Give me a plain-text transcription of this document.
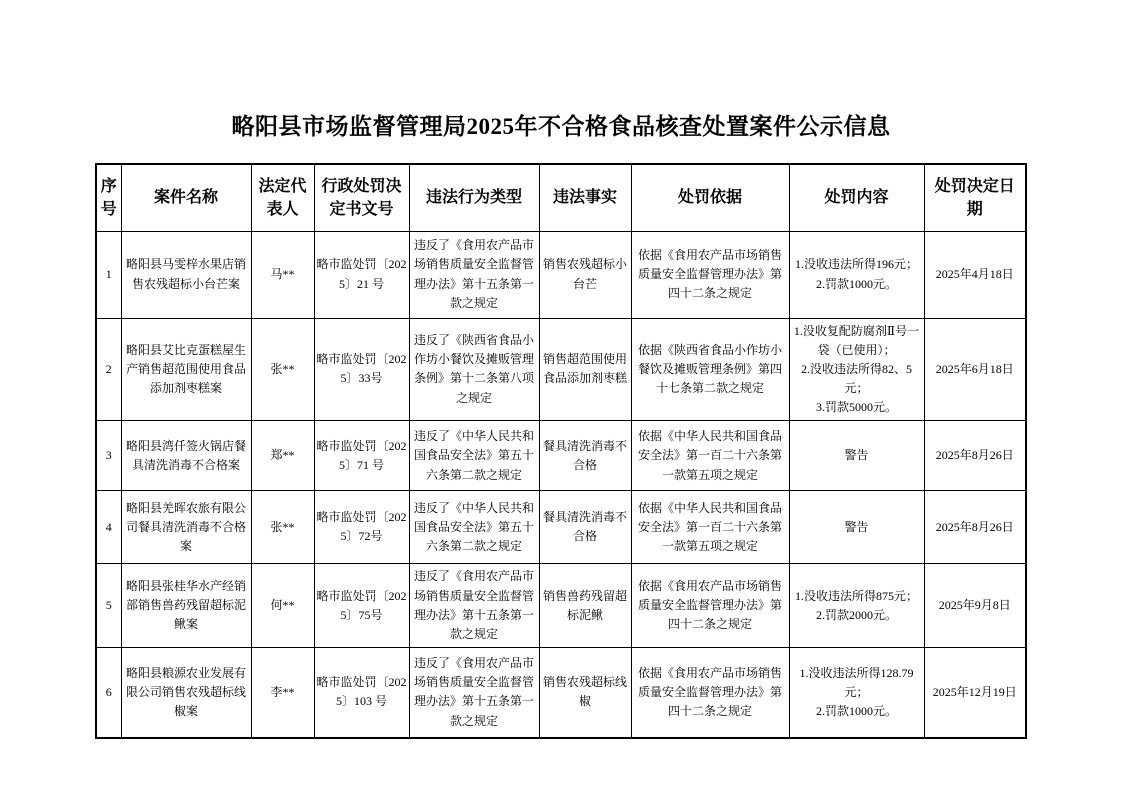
略阳县市场监督管理局2025年不合格食品核查处置案件公示信息
序号	案件名称	法定代表人	行政处罚决定书文号	违法行为类型	违法事实	处罚依据	处罚内容	处罚决定日期
1	略阳县马雯梓水果店销售农残超标小台芒案	马**	略市监处罚〔2025〕21 号	违反了《食用农产品市场销售质量安全监督管理办法》第十五条第一款之规定	销售农残超标小台芒	依据《食用农产品市场销售质量安全监督管理办法》第四十二条之规定	1.没收违法所得196元；
2.罚款1000元。	2025年4月18日
2	略阳县艾比克蛋糕屋生产销售超范围使用食品添加剂枣糕案	张**	略市监处罚〔2025〕33号	违反了《陕西省食品小作坊小餐饮及摊贩管理条例》第十二条第八项之规定	销售超范围使用食品添加剂枣糕	依据《陕西省食品小作坊小餐饮及摊贩管理条例》第四十七条第二款之规定	1.没收复配防腐剂Ⅱ号一袋（已使用）；
2.没收违法所得82、5元；
3.罚款5000元。	2025年6月18日
3	略阳县湾仟签火锅店餐具清洗消毒不合格案	郑**	略市监处罚〔2025〕71 号	违反了《中华人民共和国食品安全法》第五十六条第二款之规定	餐具清洗消毒不合格	依据《中华人民共和国食品安全法》第一百二十六条第一款第五项之规定	警告	2025年8月26日
4	略阳县羌晖农旅有限公司餐具清洗消毒不合格案	张**	略市监处罚〔2025〕72号	违反了《中华人民共和国食品安全法》第五十六条第二款之规定	餐具清洗消毒不合格	依据《中华人民共和国食品安全法》第一百二十六条第一款第五项之规定	警告	2025年8月26日
5	略阳县张桂华水产经销部销售兽药残留超标泥鳅案	何**	略市监处罚〔2025〕75号	违反了《食用农产品市场销售质量安全监督管理办法》第十五条第一款之规定	销售兽药残留超标泥鳅	依据《食用农产品市场销售质量安全监督管理办法》第四十二条之规定	1.没收违法所得875元；
2.罚款2000元。	2025年9月8日
6	略阳县粮源农业发展有限公司销售农残超标线椒案	李**	略市监处罚〔2025〕103 号	违反了《食用农产品市场销售质量安全监督管理办法》第十五条第一款之规定	销售农残超标线椒	依据《食用农产品市场销售质量安全监督管理办法》第四十二条之规定	1.没收违法所得128.79元；
2.罚款1000元。	2025年12月19日
